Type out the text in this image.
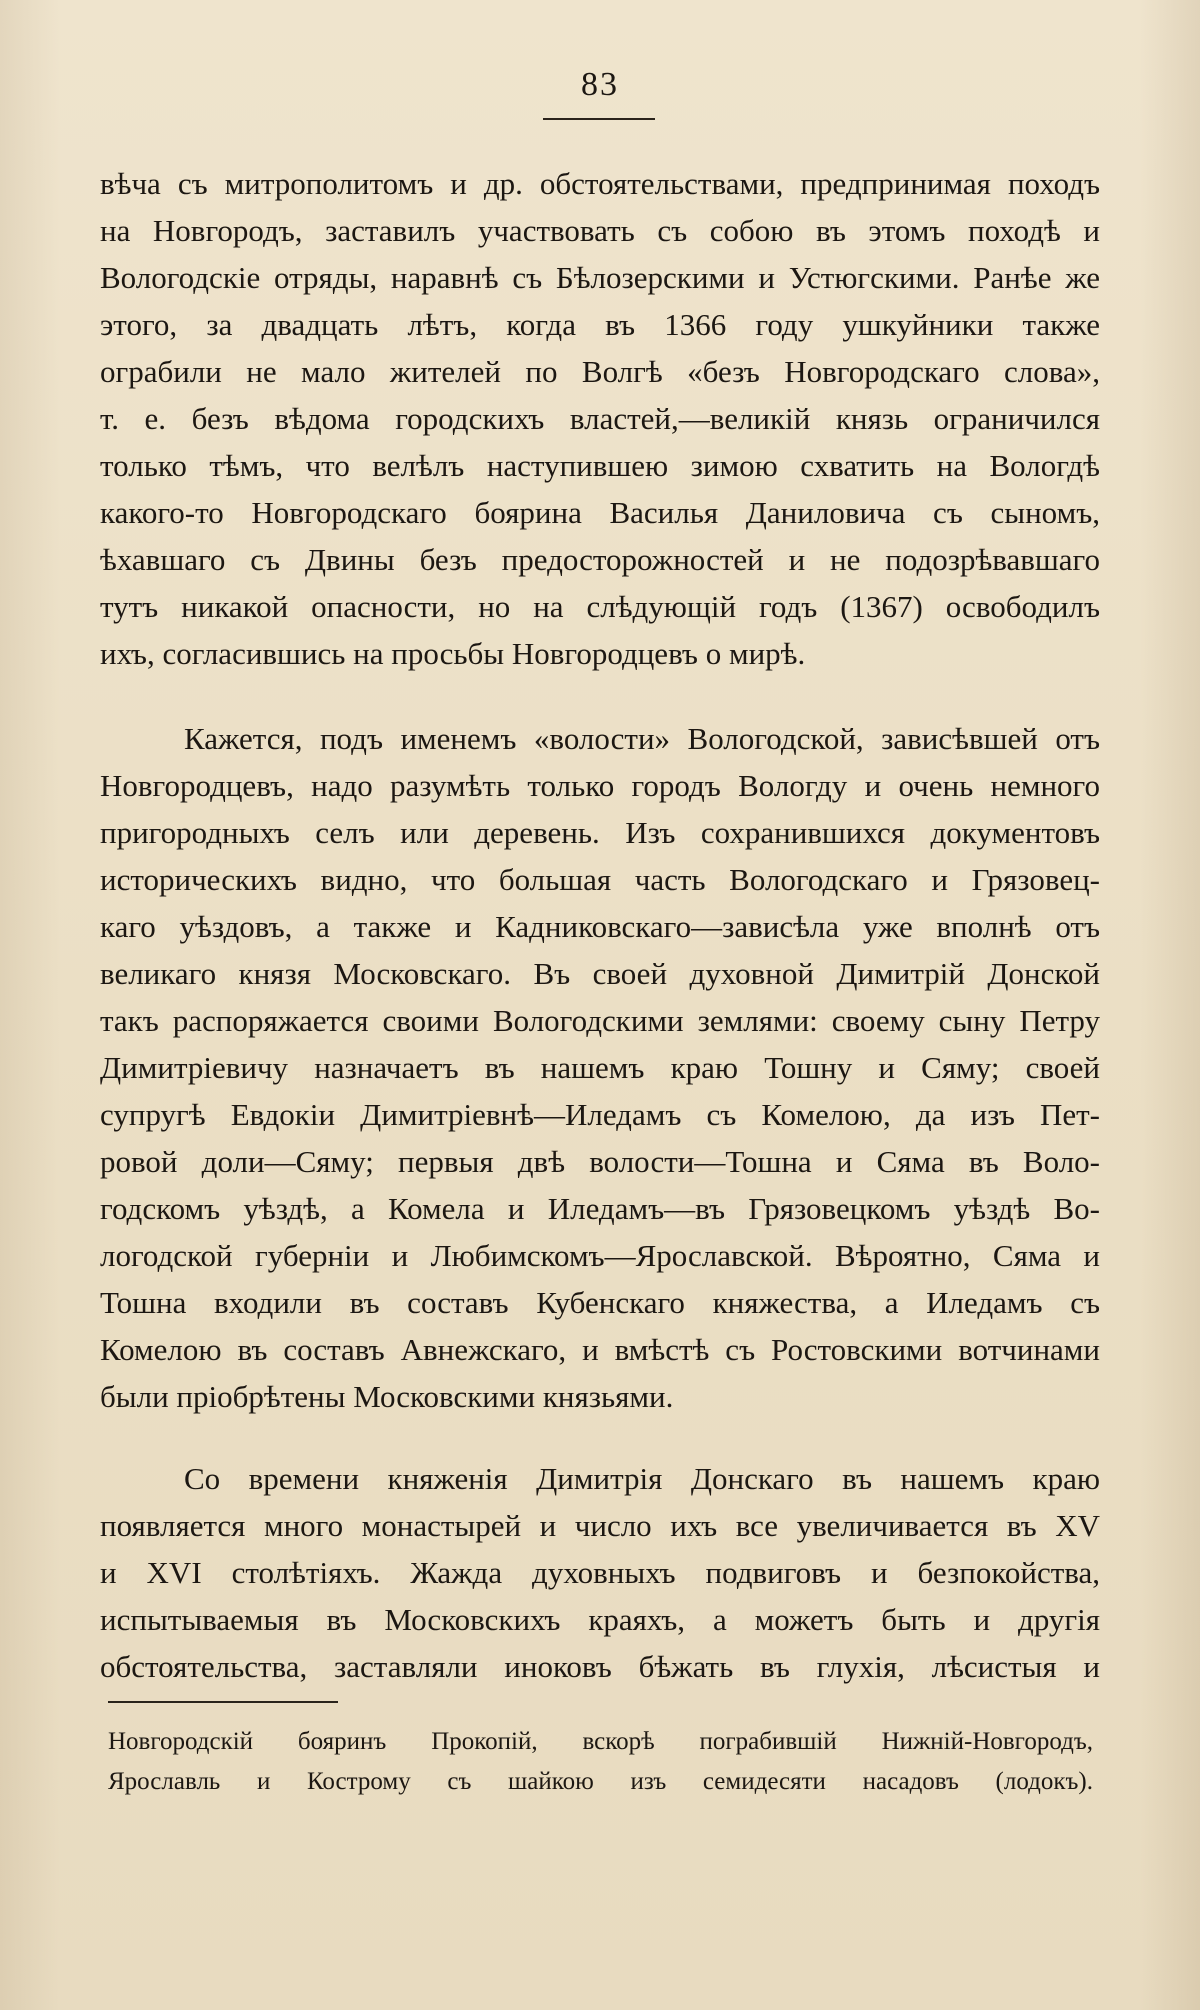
83
вѣча съ митрополитомъ и др. обстоятельствами, предпринимая походъ
на Новгородъ, заставилъ участвовать съ собою въ этомъ походѣ и
Вологодскіе отряды, наравнѣ съ Бѣлозерскими и Устюгскими. Ранѣе же
этого, за двадцать лѣтъ, когда въ 1366 году ушкуйники также
ограбили не мало жителей по Волгѣ «безъ Новгородскаго слова»,
т. е. безъ вѣдома городскихъ властей,—великій князь ограничился
только тѣмъ, что велѣлъ наступившею зимою схватить на Вологдѣ
какого-то Новгородскаго боярина Василья Даниловича съ сыномъ,
ѣхавшаго съ Двины безъ предосторожностей и не подозрѣвавшаго
тутъ никакой опасности, но на слѣдующій годъ (1367) освободилъ
ихъ, согласившись на просьбы Новгородцевъ о мирѣ.
Кажется, подъ именемъ «волости» Вологодской, зависѣвшей отъ
Новгородцевъ, надо разумѣть только городъ Вологду и очень немного
пригородныхъ селъ или деревень. Изъ сохранившихся документовъ
историческихъ видно, что большая часть Вологодскаго и Грязовец-
каго уѣздовъ, а также и Кадниковскаго—зависѣла уже вполнѣ отъ
великаго князя Московскаго. Въ своей духовной Димитрій Донской
такъ распоряжается своими Вологодскими землями: своему сыну Петру
Димитріевичу назначаетъ въ нашемъ краю Тошну и Сяму; своей
супругѣ Евдокіи Димитріевнѣ—Иледамъ съ Комелою, да изъ Пет-
ровой доли—Сяму; первыя двѣ волости—Тошна и Сяма въ Воло-
годскомъ уѣздѣ, а Комела и Иледамъ—въ Грязовецкомъ уѣздѣ Во-
логодской губерніи и Любимскомъ—Ярославской. Вѣроятно, Сяма и
Тошна входили въ составъ Кубенскаго княжества, а Иледамъ съ
Комелою въ составъ Авнежскаго, и вмѣстѣ съ Ростовскими вотчинами
были пріобрѣтены Московскими князьями.
Со времени княженія Димитрія Донскаго въ нашемъ краю
появляется много монастырей и число ихъ все увеличивается въ XV
и XVI столѣтіяхъ. Жажда духовныхъ подвиговъ и безпокойства,
испытываемыя въ Московскихъ краяхъ, а можетъ быть и другія
обстоятельства, заставляли иноковъ бѣжать въ глухія, лѣсистыя и
Новгородскій бояринъ Прокопій, вскорѣ пограбившій Нижній-Новгородъ,
Ярославль и Кострому съ шайкою изъ семидесяти насадовъ (лодокъ).
